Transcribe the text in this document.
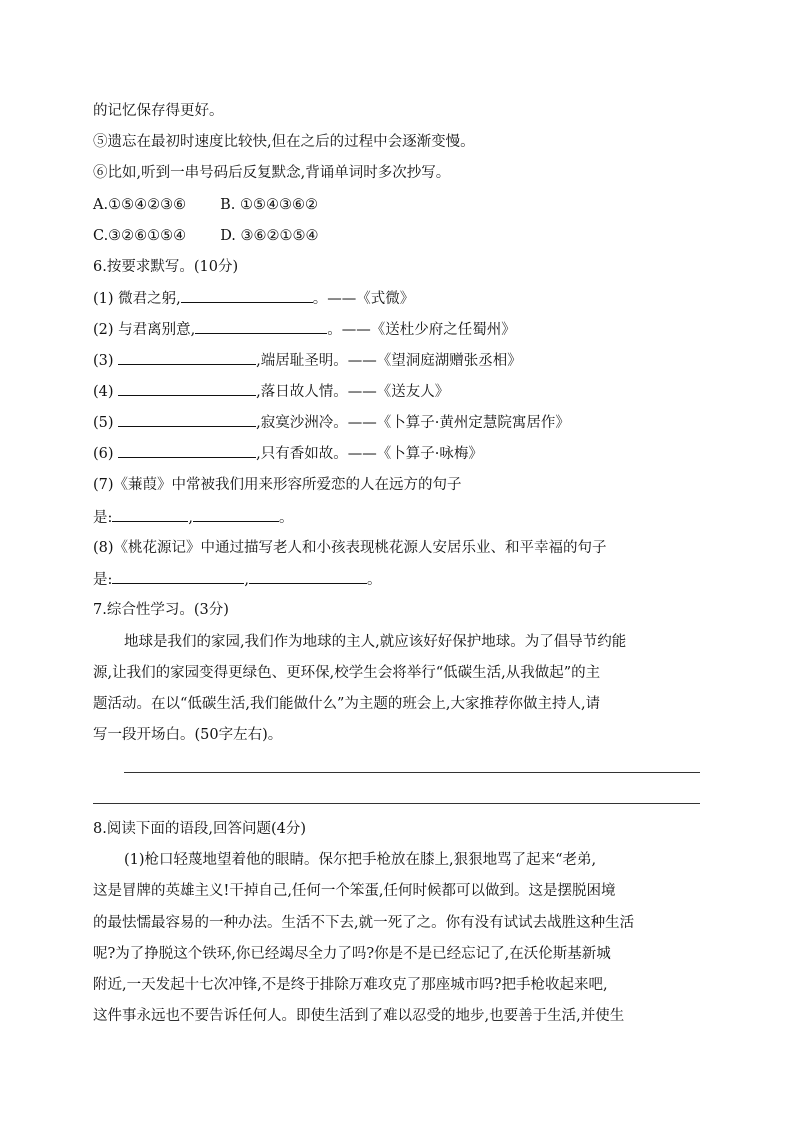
的记忆保存得更好。
⑤遗忘在最初时速度比较快,但在之后的过程中会逐渐变慢。
⑥比如,听到一串号码后反复默念,背诵单词时多次抄写。
A.①⑤④②③⑥ B. ①⑤④③⑥②
C.③②⑥①⑤④ D. ③⑥②①⑤④
6.按要求默写。(10分)
(1) 微君之躬,	。——《式微》
(2) 与君离别意,	。——《送杜少府之任蜀州》
(3)	,端居耻圣明。——《望洞庭湖赠张丞相》
(4)	,落日故人情。——《送友人》
(5)	,寂寞沙洲冷。——《卜算子·黄州定慧院寓居作》
(6)	,只有香如故。——《卜算子·咏梅》
(7)《蒹葭》中常被我们用来形容所爱恋的人在远方的句子
是:	,	。
(8)《桃花源记》中通过描写老人和小孩表现桃花源人安居乐业、和平幸福的句子
是:	,	。
7.综合性学习。(3分)
地球是我们的家园,我们作为地球的主人,就应该好好保护地球。为了倡导节约能
源,让我们的家园变得更绿色、更环保,校学生会将举行“低碳生活,从我做起”的主
题活动。在以“低碳生活,我们能做什么”为主题的班会上,大家推荐你做主持人,请
写一段开场白。(50字左右)。
8.阅读下面的语段,回答问题(4分)
(1)枪口轻蔑地望着他的眼睛。保尔把手枪放在膝上,狠狠地骂了起来“老弟,
这是冒牌的英雄主义!干掉自己,任何一个笨蛋,任何时候都可以做到。这是摆脱困境
的最怯懦最容易的一种办法。生活不下去,就一死了之。你有没有试试去战胜这种生活
呢?为了挣脱这个铁环,你已经竭尽全力了吗?你是不是已经忘记了,在沃伦斯基新城
附近,一天发起十七次冲锋,不是终于排除万难攻克了那座城市吗?把手枪收起来吧,
这件事永远也不要告诉任何人。即使生活到了难以忍受的地步,也要善于生活,并使生
